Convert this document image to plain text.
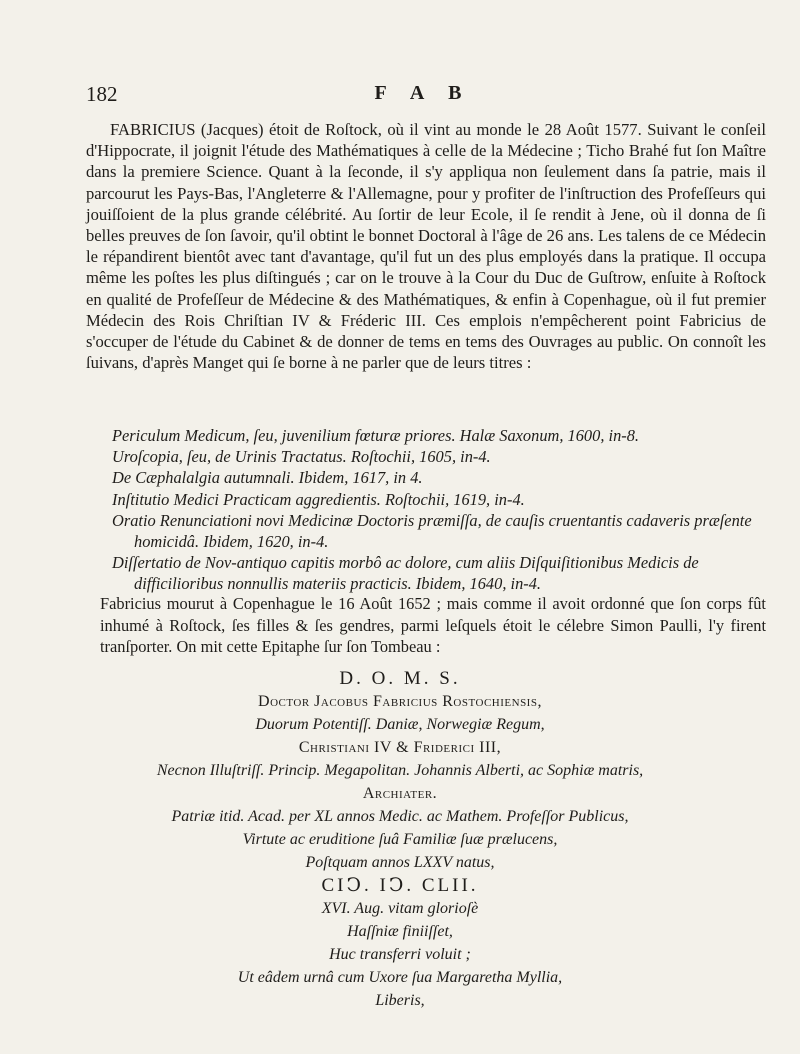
182	F A B

FABRICIUS (Jacques) étoit de Roſtock, où il vint au monde le 28 Août 1577. Suivant le conſeil d'Hippocrate, il joignit l'étude des Mathématiques à celle de la Médecine ; Ticho Brahé fut ſon Maître dans la premiere Science. Quant à la ſeconde, il s'y appliqua non ſeulement dans ſa patrie, mais il parcourut les Pays-Bas, l'Angleterre & l'Allemagne, pour y profiter de l'inſtruction des Profeſſeurs qui jouiſſoient de la plus grande célébrité. Au ſortir de leur Ecole, il ſe rendit à Jene, où il donna de ſi belles preuves de ſon ſavoir, qu'il obtint le bonnet Doctoral à l'âge de 26 ans. Les talens de ce Médecin le répandirent bientôt avec tant d'avantage, qu'il fut un des plus employés dans la pratique. Il occupa même les poſtes les plus diſtingués ; car on le trouve à la Cour du Duc de Guſtrow, enſuite à Roſtock en qualité de Profeſſeur de Médecine & des Mathématiques, & enfin à Copenhague, où il fut premier Médecin des Rois Chriſtian IV & Fréderic III. Ces emplois n'empêcherent point Fabricius de s'occuper de l'étude du Cabinet & de donner de tems en tems des Ouvrages au public. On connoît les ſuivans, d'après Manget qui ſe borne à ne parler que de leurs titres :

Periculum Medicum, ſeu, juvenilium fœturæ priores. Halæ Saxonum, 1600, in-8.

Uroſcopia, ſeu, de Urinis Tractatus. Roſtochii, 1605, in-4.

De Cæphalalgia autumnali. Ibidem, 1617, in 4.

Inſtitutio Medici Practicam aggredientis. Roſtochii, 1619, in-4.

Oratio Renunciationi novi Medicinæ Doctoris præmiſſa, de cauſis cruentantis cadaveris præſente homicidâ. Ibidem, 1620, in-4.

Diſſertatio de Nov-antiquo capitis morbô ac dolore, cum aliis Diſquiſitionibus Medicis de difficilioribus nonnullis materiis practicis. Ibidem, 1640, in-4.

Fabricius mourut à Copenhague le 16 Août 1652 ; mais comme il avoit ordonné que ſon corps fût inhumé à Roſtock, ſes filles & ſes gendres, parmi leſquels étoit le célebre Simon Paulli, l'y firent tranſporter. On mit cette Epitaphe ſur ſon Tombeau :

D. O. M. S.
Doctor Jacobus Fabricius Rostochiensis,
Duorum Potentiſſ. Daniæ, Norwegiæ Regum,
Christiani IV & Friderici III,
Necnon Illuſtriſſ. Princip. Megapolitan. Johannis Alberti, ac Sophiæ matris,
Archiater.
Patriæ itid. Acad. per XL annos Medic. ac Mathem. Profeſſor Publicus,
Virtute ac eruditione ſuâ Familiæ ſuæ prælucens,
Poſtquam annos LXXV natus,
CIↃ. IↃ. CLII.
XVI. Aug. vitam glorioſè
Haſſniæ finiiſſet,
Huc transferri voluit ;
Ut eâdem urnâ cum Uxore ſua Margaretha Myllia,
Liberis,
